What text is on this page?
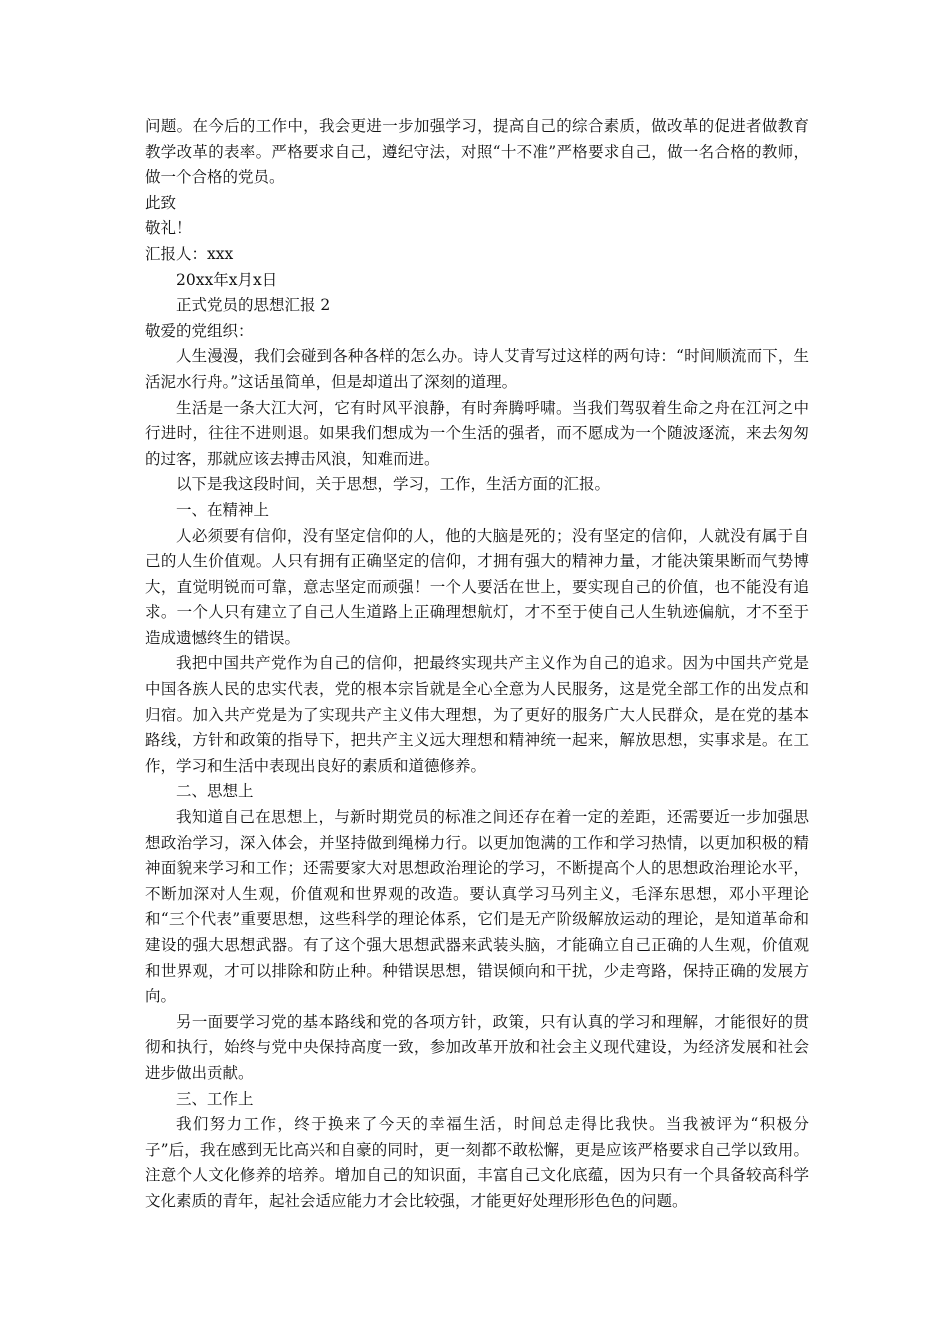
问题。在今后的工作中，我会更进一步加强学习，提高自己的综合素质，做改革的促进者做教育教学改革的表率。严格要求自己，遵纪守法，对照“十不准”严格要求自己，做一名合格的教师，做一个合格的党员。

此致

敬礼！

汇报人：xxx

20xx年x月x日

正式党员的思想汇报 2

敬爱的党组织：

人生漫漫，我们会碰到各种各样的怎么办。诗人艾青写过这样的两句诗：“时间顺流而下，生活泥水行舟。”这话虽简单，但是却道出了深刻的道理。

生活是一条大江大河，它有时风平浪静，有时奔腾呼啸。当我们驾驭着生命之舟在江河之中行进时，往往不进则退。如果我们想成为一个生活的强者，而不愿成为一个随波逐流，来去匆匆的过客，那就应该去搏击风浪，知难而进。

以下是我这段时间，关于思想，学习，工作，生活方面的汇报。

一、在精神上

人必须要有信仰，没有坚定信仰的人，他的大脑是死的；没有坚定的信仰，人就没有属于自己的人生价值观。人只有拥有正确坚定的信仰，才拥有强大的精神力量，才能决策果断而气势博大，直觉明锐而可靠，意志坚定而顽强！一个人要活在世上，要实现自己的价值，也不能没有追求。一个人只有建立了自己人生道路上正确理想航灯，才不至于使自己人生轨迹偏航，才不至于造成遗憾终生的错误。

我把中国共产党作为自己的信仰，把最终实现共产主义作为自己的追求。因为中国共产党是中国各族人民的忠实代表，党的根本宗旨就是全心全意为人民服务，这是党全部工作的出发点和归宿。加入共产党是为了实现共产主义伟大理想，为了更好的服务广大人民群众，是在党的基本路线，方针和政策的指导下，把共产主义远大理想和精神统一起来，解放思想，实事求是。在工作，学习和生活中表现出良好的素质和道德修养。

二、思想上

我知道自己在思想上，与新时期党员的标准之间还存在着一定的差距，还需要近一步加强思想政治学习，深入体会，并坚持做到绳梯力行。以更加饱满的工作和学习热情，以更加积极的精神面貌来学习和工作；还需要家大对思想政治理论的学习，不断提高个人的思想政治理论水平，不断加深对人生观，价值观和世界观的改造。要认真学习马列主义，毛泽东思想，邓小平理论和“三个代表”重要思想，这些科学的理论体系，它们是无产阶级解放运动的理论，是知道革命和建设的强大思想武器。有了这个强大思想武器来武装头脑，才能确立自己正确的人生观，价值观和世界观，才可以排除和防止种。种错误思想，错误倾向和干扰，少走弯路，保持正确的发展方向。

另一面要学习党的基本路线和党的各项方针，政策，只有认真的学习和理解，才能很好的贯彻和执行，始终与党中央保持高度一致，参加改革开放和社会主义现代建设，为经济发展和社会进步做出贡献。

三、工作上

我们努力工作，终于换来了今天的幸福生活，时间总走得比我快。当我被评为“积极分子”后，我在感到无比高兴和自豪的同时，更一刻都不敢松懈，更是应该严格要求自己学以致用。注意个人文化修养的培养。增加自己的知识面，丰富自己文化底蕴，因为只有一个具备较高科学文化素质的青年，起社会适应能力才会比较强，才能更好处理形形色色的问题。
